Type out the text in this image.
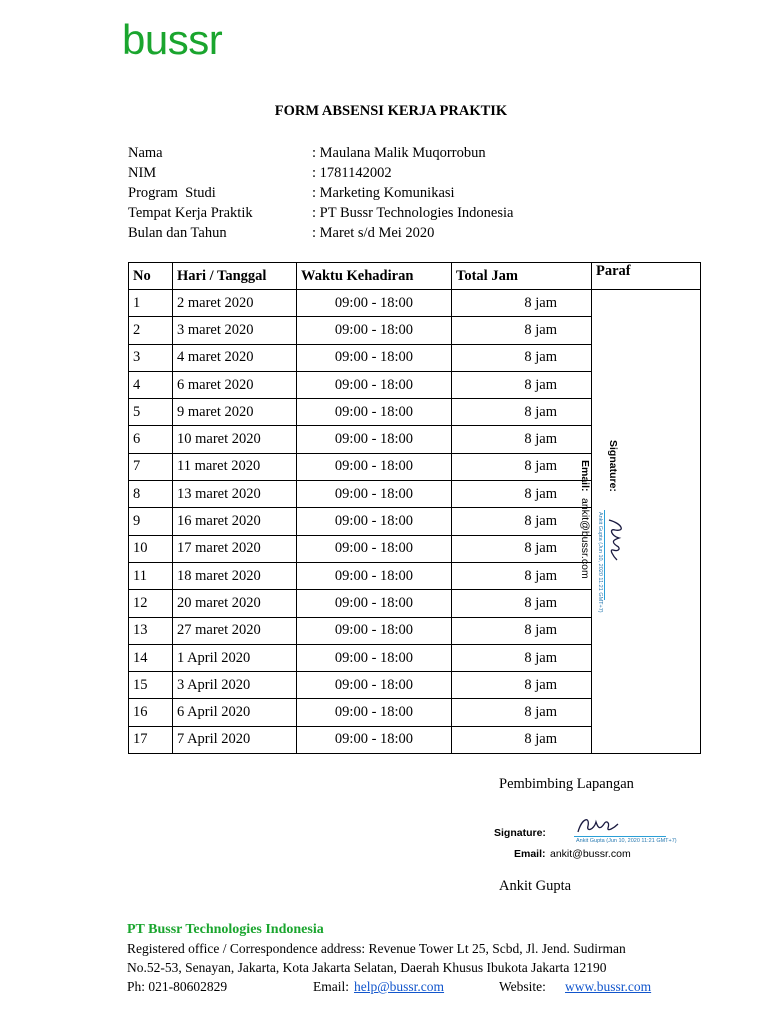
bussr
FORM ABSENSI KERJA PRAKTIK
Nama	: Maulana Malik Muqorrobun
NIM	: 1781142002
Program  Studi	: Marketing Komunikasi
Tempat Kerja Praktik	: PT Bussr Technologies Indonesia
Bulan dan Tahun	: Maret s/d Mei 2020
No	Hari / Tanggal	Waktu Kehadiran	Total Jam	Paraf
1	2 maret 2020	09:00 - 18:00	8 jam	
2	3 maret 2020	09:00 - 18:00	8 jam	
3	4 maret 2020	09:00 - 18:00	8 jam	
4	6 maret 2020	09:00 - 18:00	8 jam	
5	9 maret 2020	09:00 - 18:00	8 jam	
6	10 maret 2020	09:00 - 18:00	8 jam	
7	11 maret 2020	09:00 - 18:00	8 jam	
8	13 maret 2020	09:00 - 18:00	8 jam	
9	16 maret 2020	09:00 - 18:00	8 jam	
10	17 maret 2020	09:00 - 18:00	8 jam	
11	18 maret 2020	09:00 - 18:00	8 jam	
12	20 maret 2020	09:00 - 18:00	8 jam	
13	27 maret 2020	09:00 - 18:00	8 jam	
14	1 April 2020	09:00 - 18:00	8 jam	
15	3 April 2020	09:00 - 18:00	8 jam	
16	6 April 2020	09:00 - 18:00	8 jam	
17	7 April 2020	09:00 - 18:00	8 jam	
Signature:
Ankit Gupta (Jun 10, 2020 11:21 GMT+7)
Email:
ankit@bussr.com
Pembimbing Lapangan
Signature:
Ankit Gupta (Jun 10, 2020 11:21 GMT+7)
Email: ankit@bussr.com
Ankit Gupta
PT Bussr Technologies Indonesia
Registered office / Correspondence address: Revenue Tower Lt 25, Scbd, Jl. Jend. Sudirman
No.52-53, Senayan, Jakarta, Kota Jakarta Selatan, Daerah Khusus Ibukota Jakarta 12190
Ph: 021-80602829	Email: help@bussr.com	Website: www.bussr.com
